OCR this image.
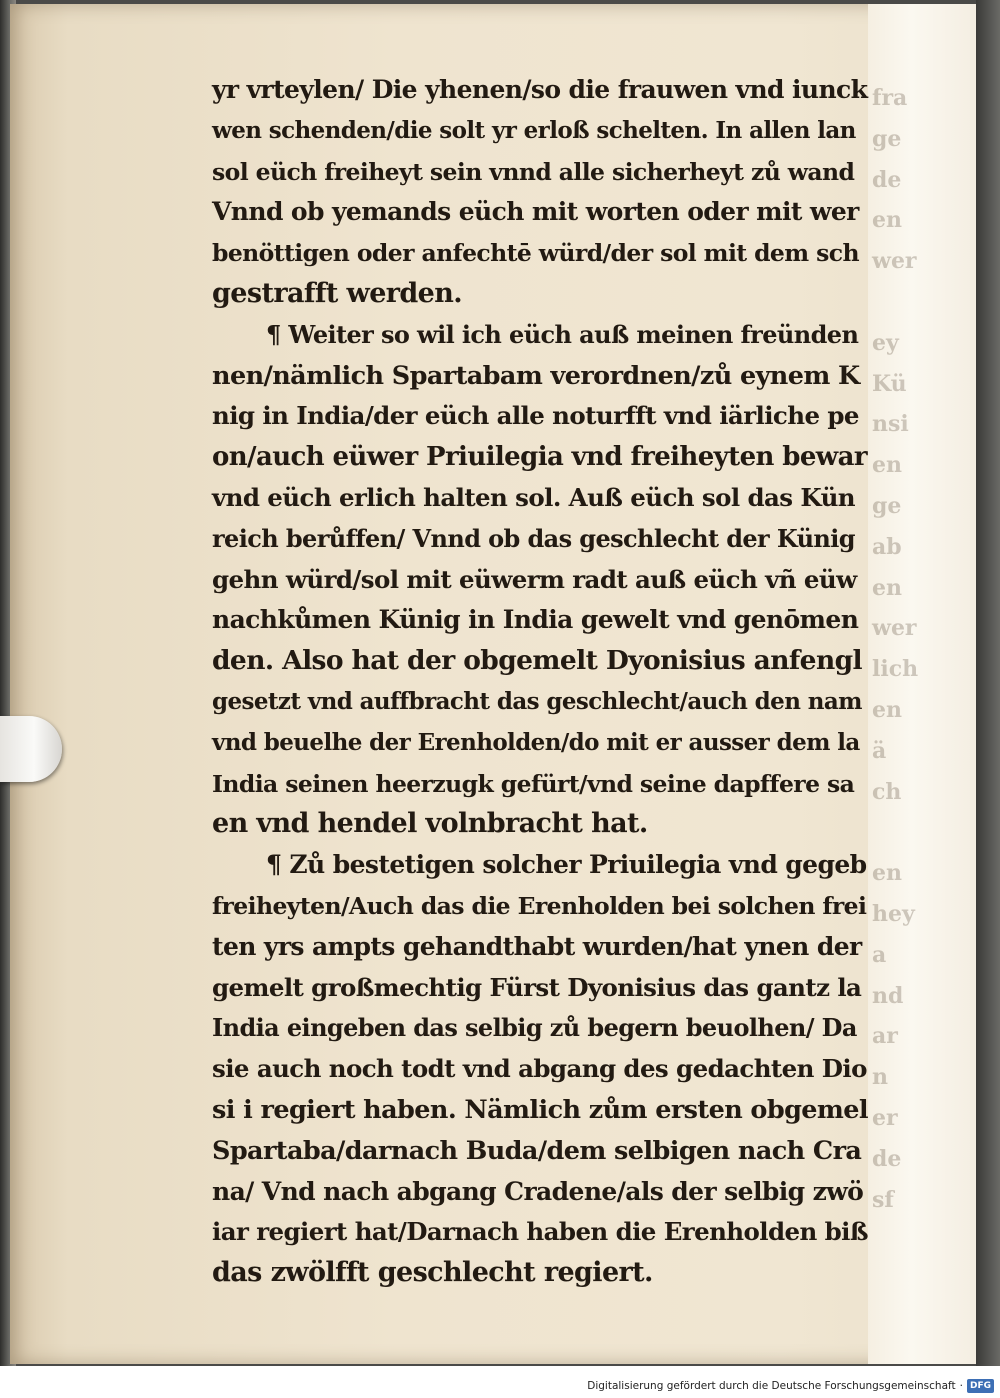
fra
ge
de
en
wer
ey
Kü
nsi
en
ge
ab
en
wer
lich
en
ä
ch
en
hey
a
nd
ar
n
er
de
sf
yr vrteylen/ Die yhenen/so die frauwen vnd iunck
wen schenden/die solt yr erloß schelten. In allen lan
sol eüch freiheyt sein vnnd alle sicherheyt zů wand
Vnnd ob yemands eüch mit worten oder mit wer
benöttigen oder anfechtē würd/der sol mit dem sch
gestrafft werden.
¶ Weiter so wil ich eüch auß meinen freünden
nen/nämlich Spartabam verordnen/zů eynem K
nig in India/der eüch alle noturfft vnd iärliche pe
on/auch eüwer Priuilegia vnd freiheyten bewar
vnd eüch erlich halten sol. Auß eüch sol das Kün
reich berůffen/ Vnnd ob das geschlecht der Künig
gehn würd/sol mit eüwerm radt auß eüch vñ eüw
nachkůmen Künig in India gewelt vnd genōmen
den. Also hat der obgemelt Dyonisius anfengl
gesetzt vnd auffbracht das geschlecht/auch den nam
vnd beuelhe der Erenholden/do mit er ausser dem la
India seinen heerzugk gefürt/vnd seine dapffere sa
en vnd hendel volnbracht hat.
¶ Zů bestetigen solcher Priuilegia vnd gegeb
freiheyten/Auch das die Erenholden bei solchen frei
ten yrs ampts gehandthabt wurden/hat ynen der
gemelt großmechtig Fürst Dyonisius das gantz la
India eingeben das selbig zů begern beuolhen/ Da
sie auch noch todt vnd abgang des gedachten Dio
si i regiert haben. Nämlich zům ersten obgemel
Spartaba/darnach Buda/dem selbigen nach Cra
na/ Vnd nach abgang Cradene/als der selbig zwö
iar regiert hat/Darnach haben die Erenholden biß
das zwölfft geschlecht regiert.
Digitalisierung gefördert durch die Deutsche Forschungsgemeinschaft · DFG
